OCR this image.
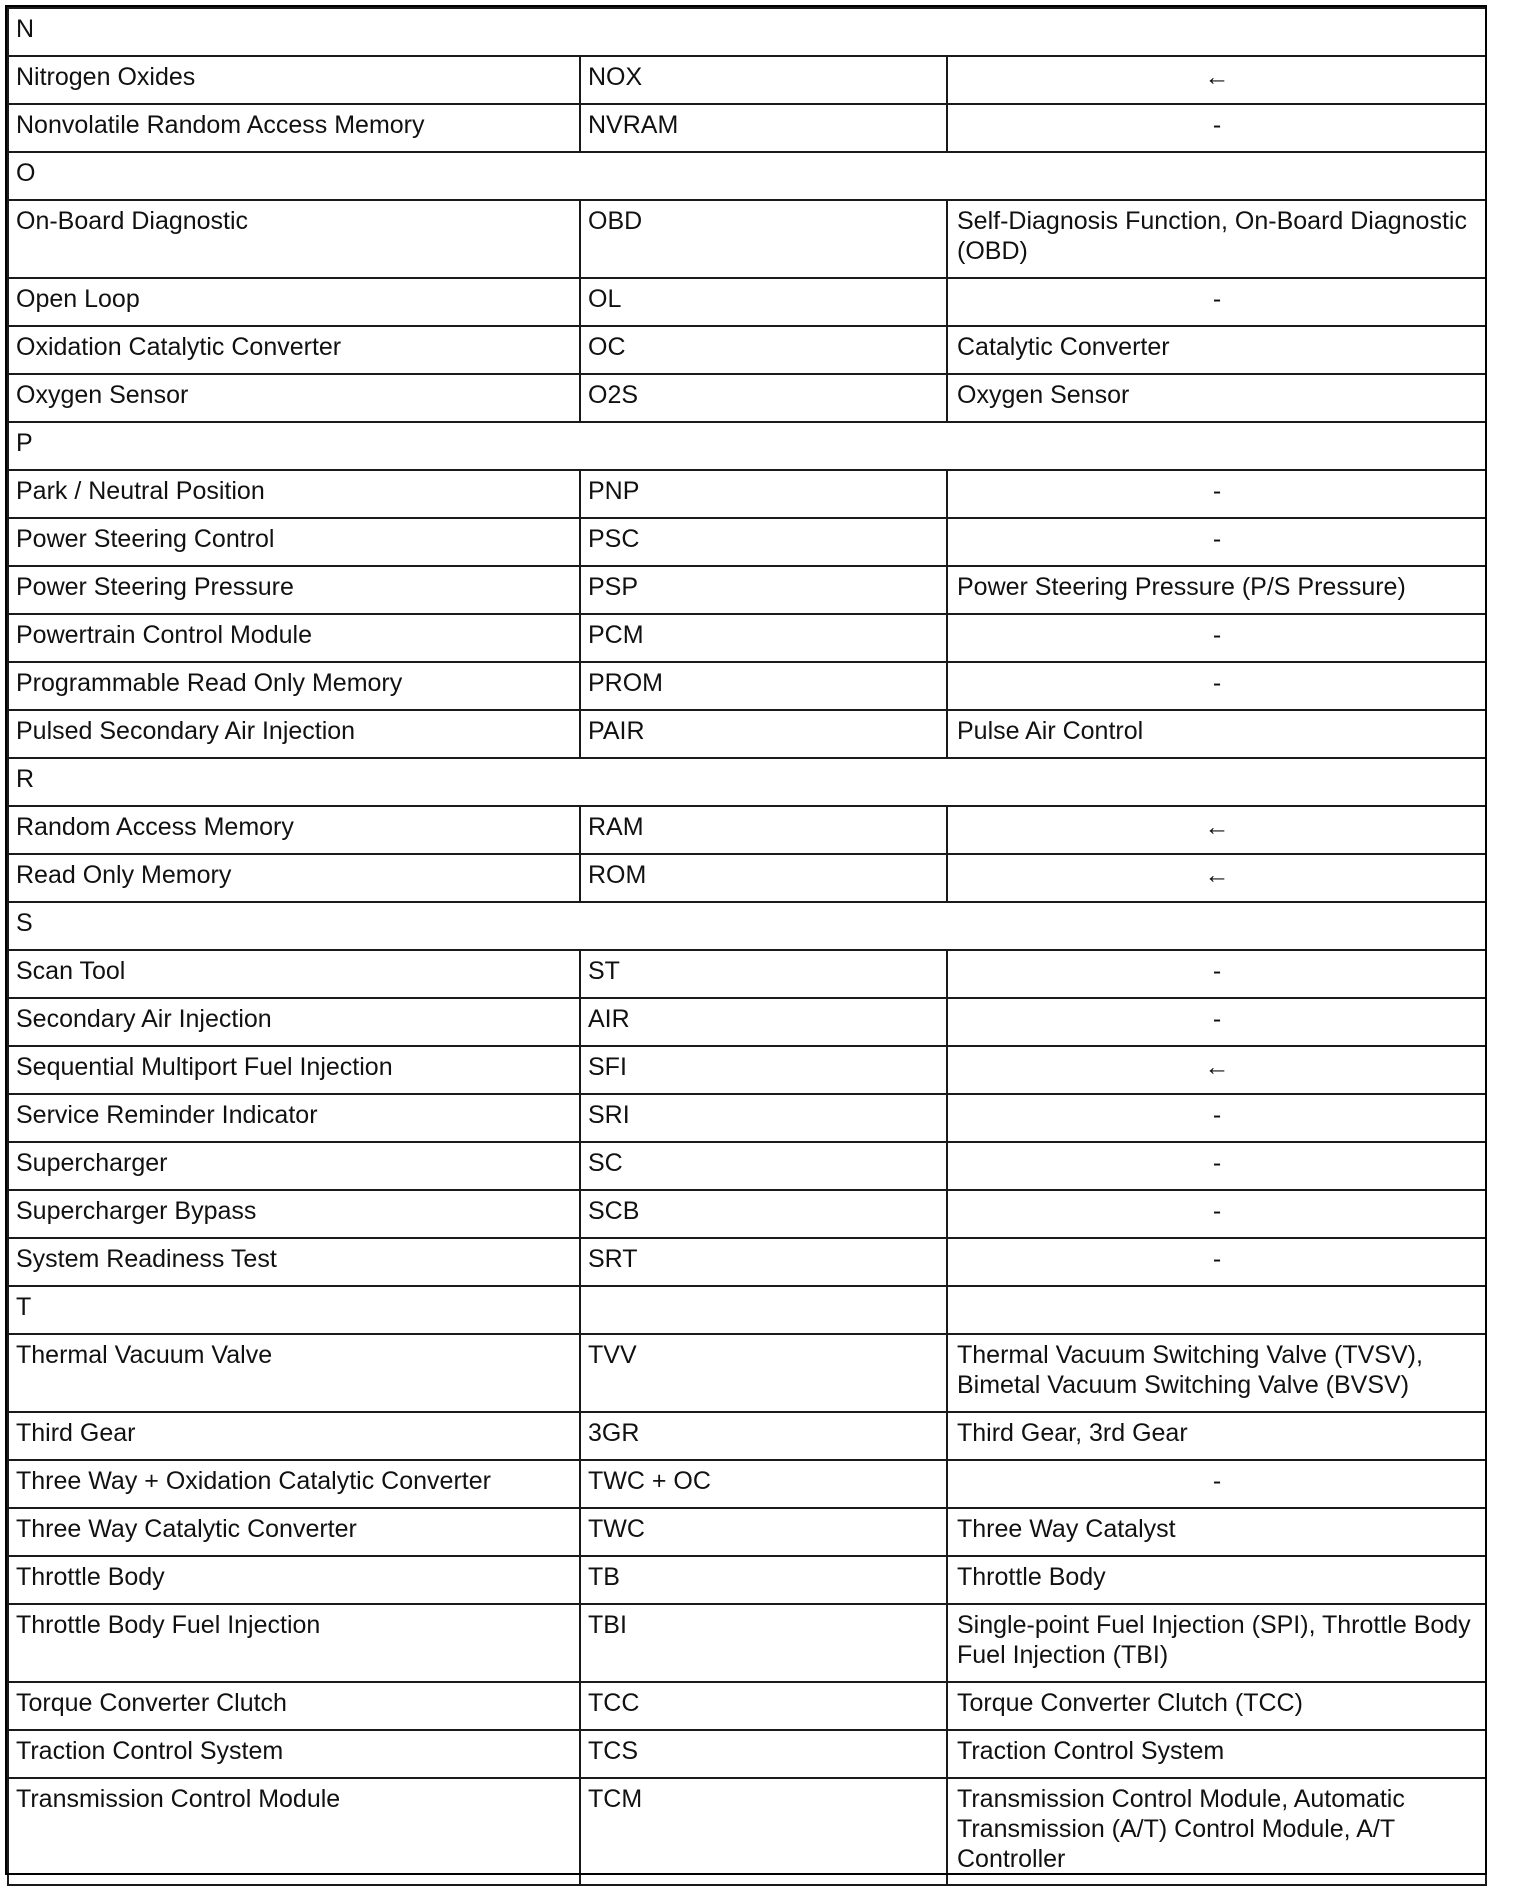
N		
Nitrogen Oxides	NOX	←
Nonvolatile Random Access Memory	NVRAM	-
O		
On-Board Diagnostic	OBD	Self-Diagnosis Function, On-Board Diagnostic (OBD)
Open Loop	OL	-
Oxidation Catalytic Converter	OC	Catalytic Converter
Oxygen Sensor	O2S	Oxygen Sensor
P		
Park / Neutral Position	PNP	-
Power Steering Control	PSC	-
Power Steering Pressure	PSP	Power Steering Pressure (P/S Pressure)
Powertrain Control Module	PCM	-
Programmable Read Only Memory	PROM	-
Pulsed Secondary Air Injection	PAIR	Pulse Air Control
R		
Random Access Memory	RAM	←
Read Only Memory	ROM	←
S		
Scan Tool	ST	-
Secondary Air Injection	AIR	-
Sequential Multiport Fuel Injection	SFI	←
Service Reminder Indicator	SRI	-
Supercharger	SC	-
Supercharger Bypass	SCB	-
System Readiness Test	SRT	-
T		
Thermal Vacuum Valve	TVV	Thermal Vacuum Switching Valve (TVSV), Bimetal Vacuum Switching Valve (BVSV)
Third Gear	3GR	Third Gear, 3rd Gear
Three Way + Oxidation Catalytic Converter	TWC + OC	-
Three Way Catalytic Converter	TWC	Three Way Catalyst
Throttle Body	TB	Throttle Body
Throttle Body Fuel Injection	TBI	Single-point Fuel Injection (SPI), Throttle Body Fuel Injection (TBI)
Torque Converter Clutch	TCC	Torque Converter Clutch (TCC)
Traction Control System	TCS	Traction Control System
Transmission Control Module	TCM	Transmission Control Module, Automatic Transmission (A/T) Control Module, A/T Controller
